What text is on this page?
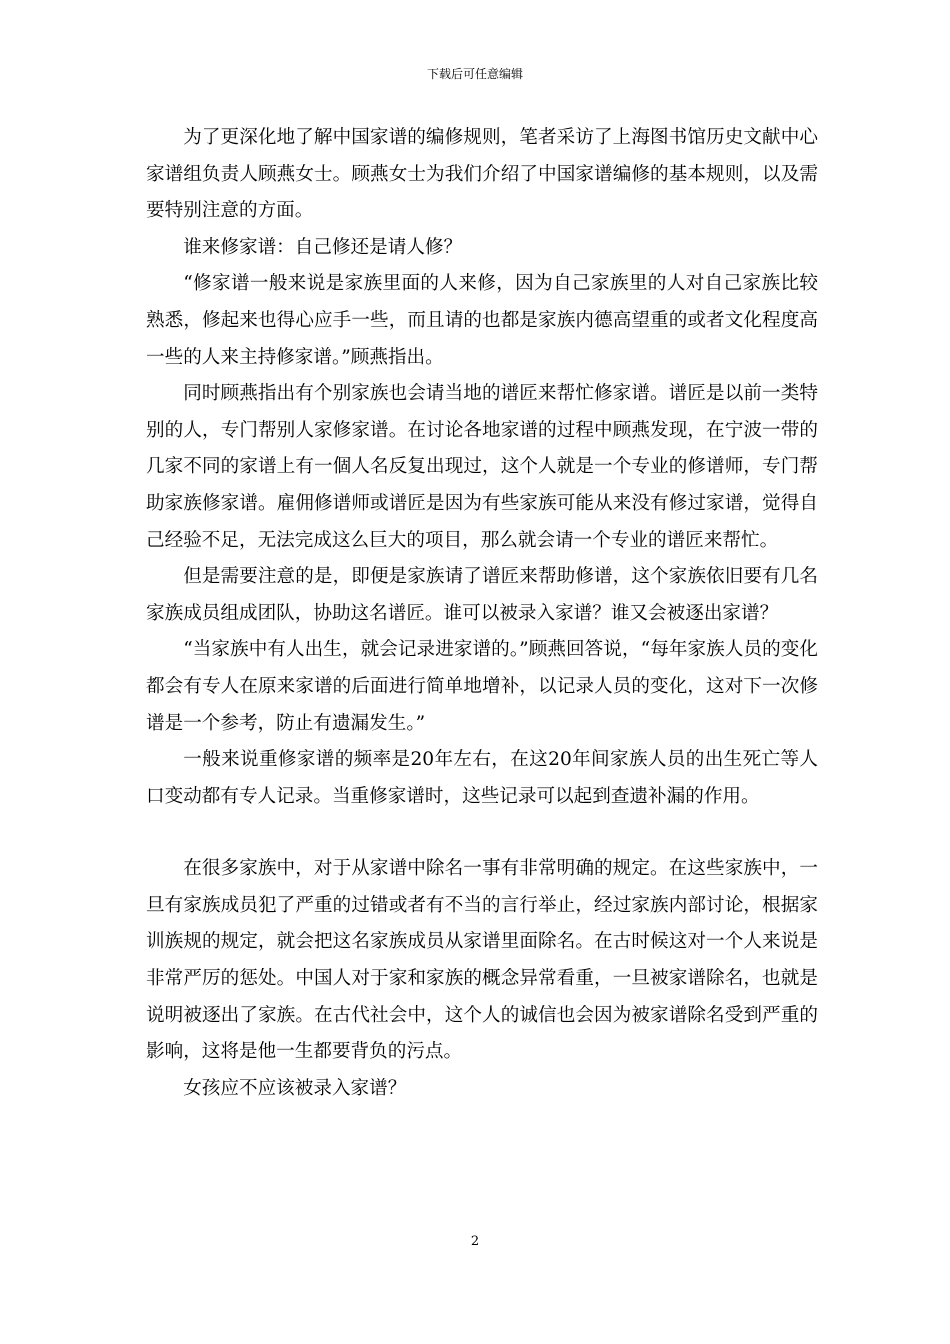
下载后可任意编辑

为了更深化地了解中国家谱的编修规则，笔者采访了上海图书馆历史文献中心家谱组负责人顾燕女士。顾燕女士为我们介绍了中国家谱编修的基本规则，以及需要特别注意的方面。

谁来修家谱：自己修还是请人修？

“修家谱一般来说是家族里面的人来修，因为自己家族里的人对自己家族比较熟悉，修起来也得心应手一些，而且请的也都是家族内德高望重的或者文化程度高一些的人来主持修家谱。”顾燕指出。

同时顾燕指出有个别家族也会请当地的谱匠来帮忙修家谱。谱匠是以前一类特别的人，专门帮别人家修家谱。在讨论各地家谱的过程中顾燕发现，在宁波一带的几家不同的家谱上有一個人名反复出现过，这个人就是一个专业的修谱师，专门帮助家族修家谱。雇佣修谱师或谱匠是因为有些家族可能从来没有修过家谱，觉得自己经验不足，无法完成这么巨大的项目，那么就会请一个专业的谱匠来帮忙。

但是需要注意的是，即便是家族请了谱匠来帮助修谱，这个家族依旧要有几名家族成员组成团队，协助这名谱匠。谁可以被录入家谱？谁又会被逐出家谱？

“当家族中有人出生，就会记录进家谱的。”顾燕回答说，“每年家族人员的变化都会有专人在原来家谱的后面进行简单地增补，以记录人员的变化，这对下一次修谱是一个参考，防止有遗漏发生。”

一般来说重修家谱的频率是20年左右，在这20年间家族人员的出生死亡等人口变动都有专人记录。当重修家谱时，这些记录可以起到查遗补漏的作用。

在很多家族中，对于从家谱中除名一事有非常明确的规定。在这些家族中，一旦有家族成员犯了严重的过错或者有不当的言行举止，经过家族内部讨论，根据家训族规的规定，就会把这名家族成员从家谱里面除名。在古时候这对一个人来说是非常严厉的惩处。中国人对于家和家族的概念异常看重，一旦被家谱除名，也就是说明被逐出了家族。在古代社会中，这个人的诚信也会因为被家谱除名受到严重的影响，这将是他一生都要背负的污点。

女孩应不应该被录入家谱？

2
